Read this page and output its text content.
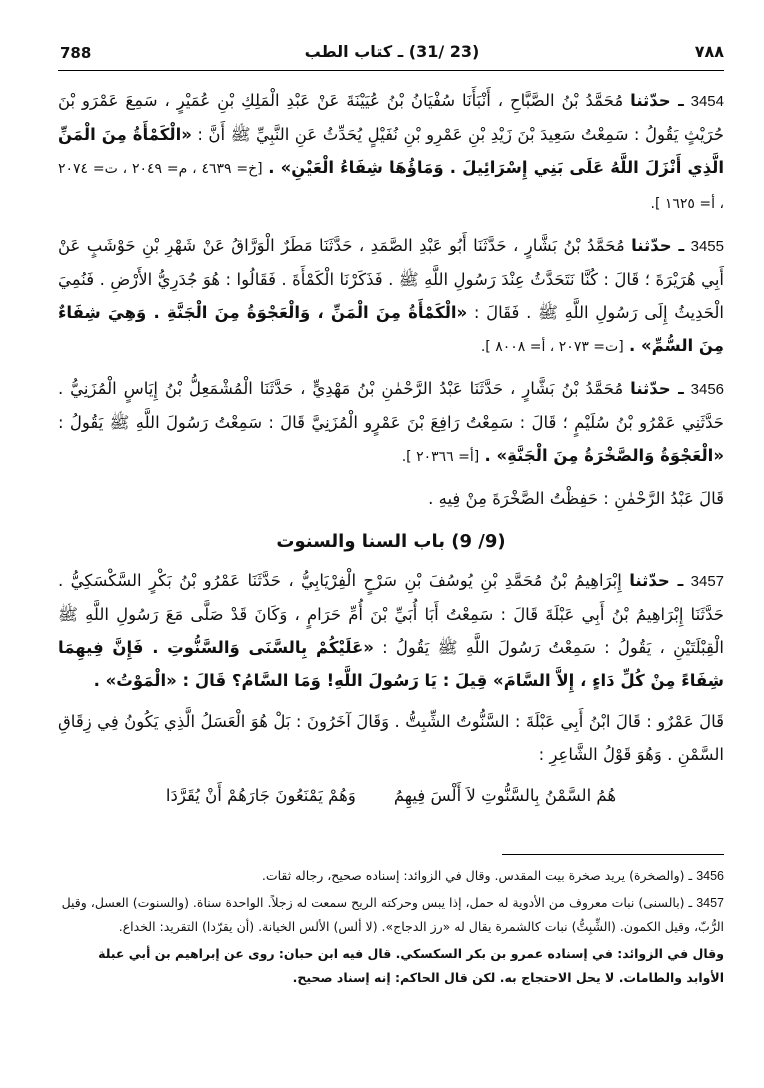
788	(23 /31) ـ كتاب الطب	٧٨٨

3454 ـ حدّثنا مُحَمَّدُ بْنُ الصَّبَّاحِ ، أَنْبَأَنَا سُفْيَانُ بْنُ عُيَيْنَةَ عَنْ عَبْدِ الْمَلِكِ بْنِ عُمَيْرٍ ، سَمِعَ عَمْرَو بْنَ حُرَيْثٍ يَقُولُ : سَمِعْتُ سَعِيدَ بْنَ زَيْدِ بْنِ عَمْرِو بْنِ نُفَيْلٍ يُحَدِّثُ عَنِ النَّبِيِّ ﷺ أَنَّ : «الْكَمْأَةُ مِنَ الْمَنِّ الَّذِي أَنْزَلَ اللَّهُ عَلَى بَنِي إِسْرَائِيلَ . وَمَاؤُهَا شِفَاءُ الْعَيْنِ» . [خ= ٤٦٣٩ ، م= ٢٠٤٩ ، ت= ٢٠٧٤ ، أ= ١٦٢٥ ].

3455 ـ حدّثنا مُحَمَّدُ بْنُ بَشَّارٍ ، حَدَّثَنَا أَبُو عَبْدِ الصَّمَدِ ، حَدَّثَنَا مَطَرٌ الْوَرَّاقُ عَنْ شَهْرِ بْنِ حَوْشَبٍ عَنْ أَبِي هُرَيْرَةَ ؛ قَالَ : كُنَّا نَتَحَدَّثُ عِنْدَ رَسُولِ اللَّهِ ﷺ . فَذَكَرْنَا الْكَمْأَةَ . فَقَالُوا : هُوَ جُدَرِيُّ الأَرْضِ . فَنُمِيَ الْحَدِيثُ إِلَى رَسُولِ اللَّهِ ﷺ . فَقَالَ : «الْكَمْأَةُ مِنَ الْمَنِّ ، وَالْعَجْوَةُ مِنَ الْجَنَّةِ . وَهِيَ شِفَاءٌ مِنَ السُّمِّ» . [ت= ٢٠٧٣ ، أ= ٨٠٠٨ ].

3456 ـ حدّثنا مُحَمَّدُ بْنُ بَشَّارٍ ، حَدَّثَنَا عَبْدُ الرَّحْمٰنِ بْنُ مَهْدِيٍّ ، حَدَّثَنَا الْمُشْمَعِلُّ بْنُ إِيَاسٍ الْمُزَنِيُّ . حَدَّثَنِي عَمْرُو بْنُ سُلَيْمٍ ؛ قَالَ : سَمِعْتُ رَافِعَ بْنَ عَمْرٍو الْمُزَنِيَّ قَالَ : سَمِعْتُ رَسُولَ اللَّهِ ﷺ يَقُولُ : «الْعَجْوَةُ وَالصَّخْرَةُ مِنَ الْجَنَّةِ» . [أ= ٢٠٣٦٦ ].

قَالَ عَبْدُ الرَّحْمٰنِ : حَفِظْتُ الصَّخْرَةَ مِنْ فِيهِ .

(9/ 9) باب السنا والسنوت

3457 ـ حدّثنا إِبْرَاهِيمُ بْنُ مُحَمَّدِ بْنِ يُوسُفَ بْنِ سَرْحٍ الْفِرْيَابِيُّ ، حَدَّثَنَا عَمْرُو بْنُ بَكْرٍ السَّكْسَكِيُّ . حَدَّثَنَا إِبْرَاهِيمُ بْنُ أَبِي عَبْلَةَ قَالَ : سَمِعْتُ أَبَا أُبَيِّ بْنَ أُمِّ حَرَامٍ ، وَكَانَ قَدْ صَلَّى مَعَ رَسُولِ اللَّهِ ﷺ الْقِبْلَتَيْنِ ، يَقُولُ : سَمِعْتُ رَسُولَ اللَّهِ ﷺ يَقُولُ : «عَلَيْكُمْ بِالسَّنَى وَالسَّنُّوتِ . فَإِنَّ فِيهِمَا شِفَاءً مِنْ كُلِّ دَاءٍ ، إِلاَّ السَّامَ» قِيلَ : يَا رَسُولَ اللَّهِ! وَمَا السَّامُ؟ قَالَ : «الْمَوْتُ» .

قَالَ عَمْرٌو : قَالَ ابْنُ أَبِي عَبْلَةَ : السَّنُّوتُ الشِّبِتُّ . وَقَالَ آخَرُونَ : بَلْ هُوَ الْعَسَلُ الَّذِي يَكُونُ فِي زِقَاقِ السَّمْنِ . وَهُوَ قَوْلُ الشَّاعِرِ :

هُمُ السَّمْنُ بِالسَّنُّوتِ لاَ أَلْسَ فِيهِمُ
وَهُمْ يَمْنَعُونَ جَارَهُمْ أَنْ يُقَرَّدَا

3456 ـ (والصخرة) يريد صخرة بيت المقدس. وقال في الزوائد: إسناده صحيح، رجاله ثقات.

3457 ـ (بالسنى) نبات معروف من الأدوية له حمل، إذا يبس وحركته الريح سمعت له زجلاً. الواحدة سناة. (والسنوت) العسل، وقيل الرُّبّ، وقيل الكمون. (الشِّبِتُّ) نبات كالشمرة يقال له «رز الدجاج». (لا ألس) الألس الخيانة. (أن يقرّدا) التقريد: الخداع.

وقال في الزوائد: في إسناده عمرو بن بكر السكسكي. قال فيه ابن حبان: روى عن إبراهيم بن أبي عبلة الأوابد والطامات. لا يحل الاحتجاج به. لكن قال الحاكم: إنه إسناد صحيح.
